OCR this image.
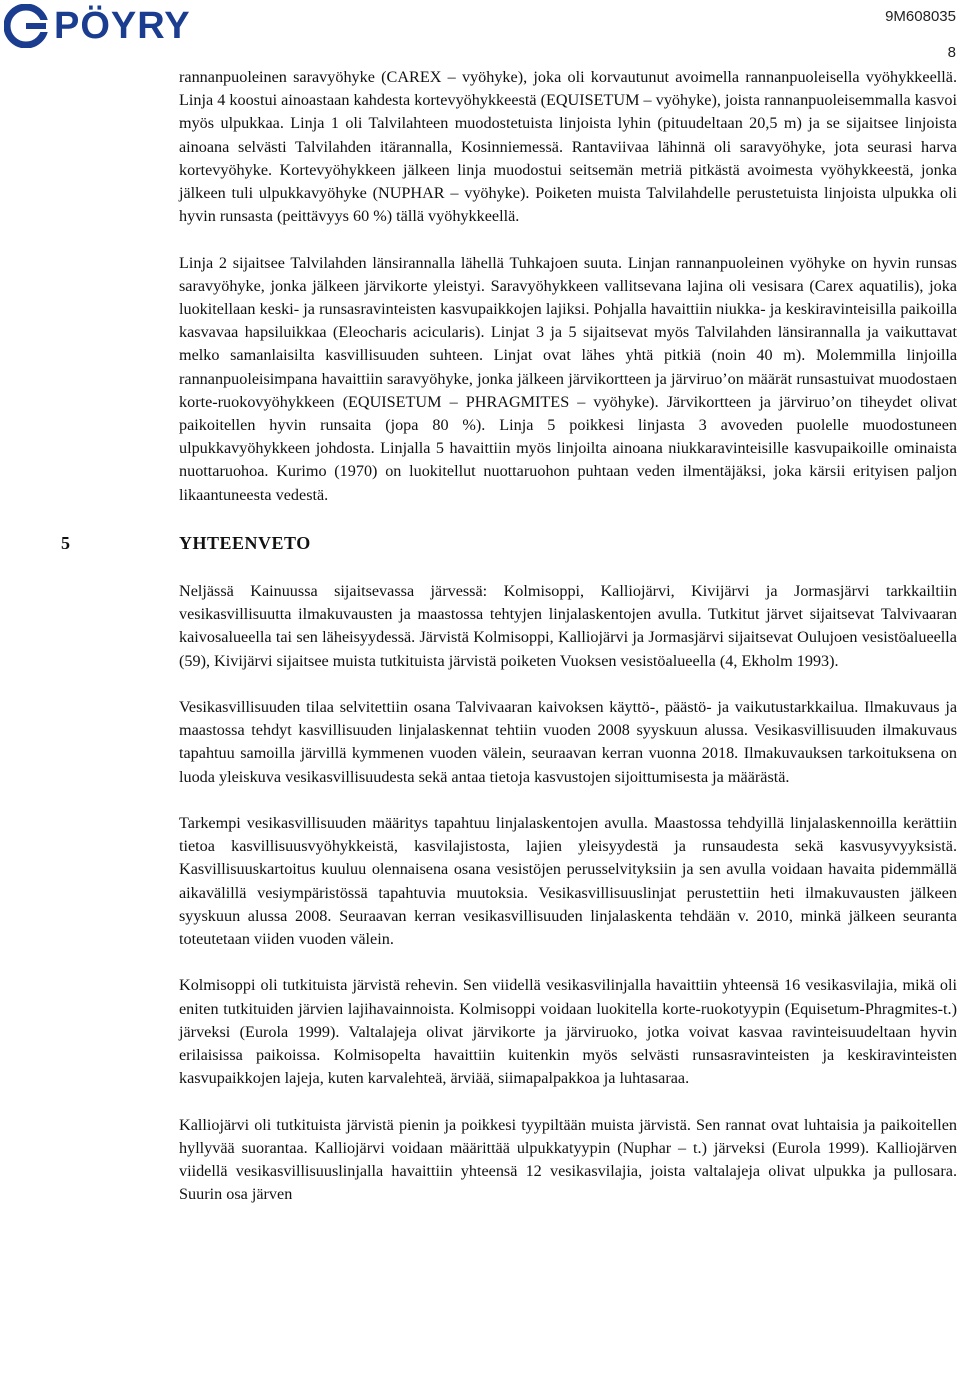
PÖYRY	9M608035
8

rannanpuoleinen saravyöhyke (CAREX – vyöhyke), joka oli korvautunut avoimella rannanpuoleisella vyöhykkeellä. Linja 4 koostui ainoastaan kahdesta kortevyöhykkeestä (EQUISETUM – vyöhyke), joista rannanpuoleisemmalla kasvoi myös ulpukkaa. Linja 1 oli Talvilahteen muodostetuista linjoista lyhin (pituudeltaan 20,5 m) ja se sijaitsee linjoista ainoana selvästi Talvilahden itärannalla, Kosinniemessä. Rantaviivaa lähinnä oli saravyöhyke, jota seurasi harva kortevyöhyke. Kortevyöhykkeen jälkeen linja muodostui seitsemän metriä pitkästä avoimesta vyöhykkeestä, jonka jälkeen tuli ulpukkavyöhyke (NUPHAR – vyöhyke). Poiketen muista Talvilahdelle perustetuista linjoista ulpukka oli hyvin runsasta (peittävyys 60 %) tällä vyöhykkeellä.

Linja 2 sijaitsee Talvilahden länsirannalla lähellä Tuhkajoen suuta. Linjan rannanpuoleinen vyöhyke on hyvin runsas saravyöhyke, jonka jälkeen järvikorte yleistyi. Saravyöhykkeen vallitsevana lajina oli vesisara (Carex aquatilis), joka luokitellaan keski- ja runsasravinteisten kasvupaikkojen lajiksi. Pohjalla havaittiin niukka- ja keskiravinteisilla paikoilla kasvavaa hapsiluikkaa (Eleocharis acicularis). Linjat 3 ja 5 sijaitsevat myös Talvilahden länsirannalla ja vaikuttavat melko samanlaisilta kasvillisuuden suhteen. Linjat ovat lähes yhtä pitkiä (noin 40 m). Molemmilla linjoilla rannanpuoleisimpana havaittiin saravyöhyke, jonka jälkeen järvikortteen ja järviruo’on määrät runsastuivat muodostaen korte-ruokovyöhykkeen (EQUISETUM – PHRAGMITES – vyöhyke). Järvikortteen ja järviruo’on tiheydet olivat paikoitellen hyvin runsaita (jopa 80 %). Linja 5 poikkesi linjasta 3 avoveden puolelle muodostuneen ulpukkavyöhykkeen johdosta. Linjalla 5 havaittiin myös linjoilta ainoana niukkaravinteisille kasvupaikoille ominaista nuottaruohoa. Kurimo (1970) on luokitellut nuottaruohon puhtaan veden ilmentäjäksi, joka kärsii erityisen paljon likaantuneesta vedestä.

5	YHTEENVETO

Neljässä Kainuussa sijaitsevassa järvessä: Kolmisoppi, Kalliojärvi, Kivijärvi ja Jormasjärvi tarkkailtiin vesikasvillisuutta ilmakuvausten ja maastossa tehtyjen linjalaskentojen avulla. Tutkitut järvet sijaitsevat Talvivaaran kaivosalueella tai sen läheisyydessä. Järvistä Kolmisoppi, Kalliojärvi ja Jormasjärvi sijaitsevat Oulujoen vesistöalueella (59), Kivijärvi sijaitsee muista tutkituista järvistä poiketen Vuoksen vesistöalueella (4, Ekholm 1993).

Vesikasvillisuuden tilaa selvitettiin osana Talvivaaran kaivoksen käyttö-, päästö- ja vaikutustarkkailua. Ilmakuvaus ja maastossa tehdyt kasvillisuuden linjalaskennat tehtiin vuoden 2008 syyskuun alussa. Vesikasvillisuuden ilmakuvaus tapahtuu samoilla järvillä kymmenen vuoden välein, seuraavan kerran vuonna 2018. Ilmakuvauksen tarkoituksena on luoda yleiskuva vesikasvillisuudesta sekä antaa tietoja kasvustojen sijoittumisesta ja määrästä.

Tarkempi vesikasvillisuuden määritys tapahtuu linjalaskentojen avulla. Maastossa tehdyillä linjalaskennoilla kerättiin tietoa kasvillisuusvyöhykkeistä, kasvilajistosta, lajien yleisyydestä ja runsaudesta sekä kasvusyvyyksistä. Kasvillisuuskartoitus kuuluu olennaisena osana vesistöjen perusselvityksiin ja sen avulla voidaan havaita pidemmällä aikavälillä vesiympäristössä tapahtuvia muutoksia. Vesikasvillisuuslinjat perustettiin heti ilmakuvausten jälkeen syyskuun alussa 2008. Seuraavan kerran vesikasvillisuuden linjalaskenta tehdään v. 2010, minkä jälkeen seuranta toteutetaan viiden vuoden välein.

Kolmisoppi oli tutkituista järvistä rehevin. Sen viidellä vesikasvilinjalla havaittiin yhteensä 16 vesikasvilajia, mikä oli eniten tutkituiden järvien lajihavainnoista. Kolmisoppi voidaan luokitella korte-ruokotyypin (Equisetum-Phragmites-t.) järveksi (Eurola 1999). Valtalajeja olivat järvikorte ja järviruoko, jotka voivat kasvaa ravinteisuudeltaan hyvin erilaisissa paikoissa. Kolmisopelta havaittiin kuitenkin myös selvästi runsasravinteisten ja keskiravinteisten kasvupaikkojen lajeja, kuten karvalehteä, ärviää, siimapalpakkoa ja luhtasaraa.

Kalliojärvi oli tutkituista järvistä pienin ja poikkesi tyypiltään muista järvistä. Sen rannat ovat luhtaisia ja paikoitellen hyllyvää suorantaa. Kalliojärvi voidaan määrittää ulpukkatyypin (Nuphar – t.) järveksi (Eurola 1999). Kalliojärven viidellä vesikasvillisuuslinjalla havaittiin yhteensä 12 vesikasvilajia, joista valtalajeja olivat ulpukka ja pullosara. Suurin osa järven
